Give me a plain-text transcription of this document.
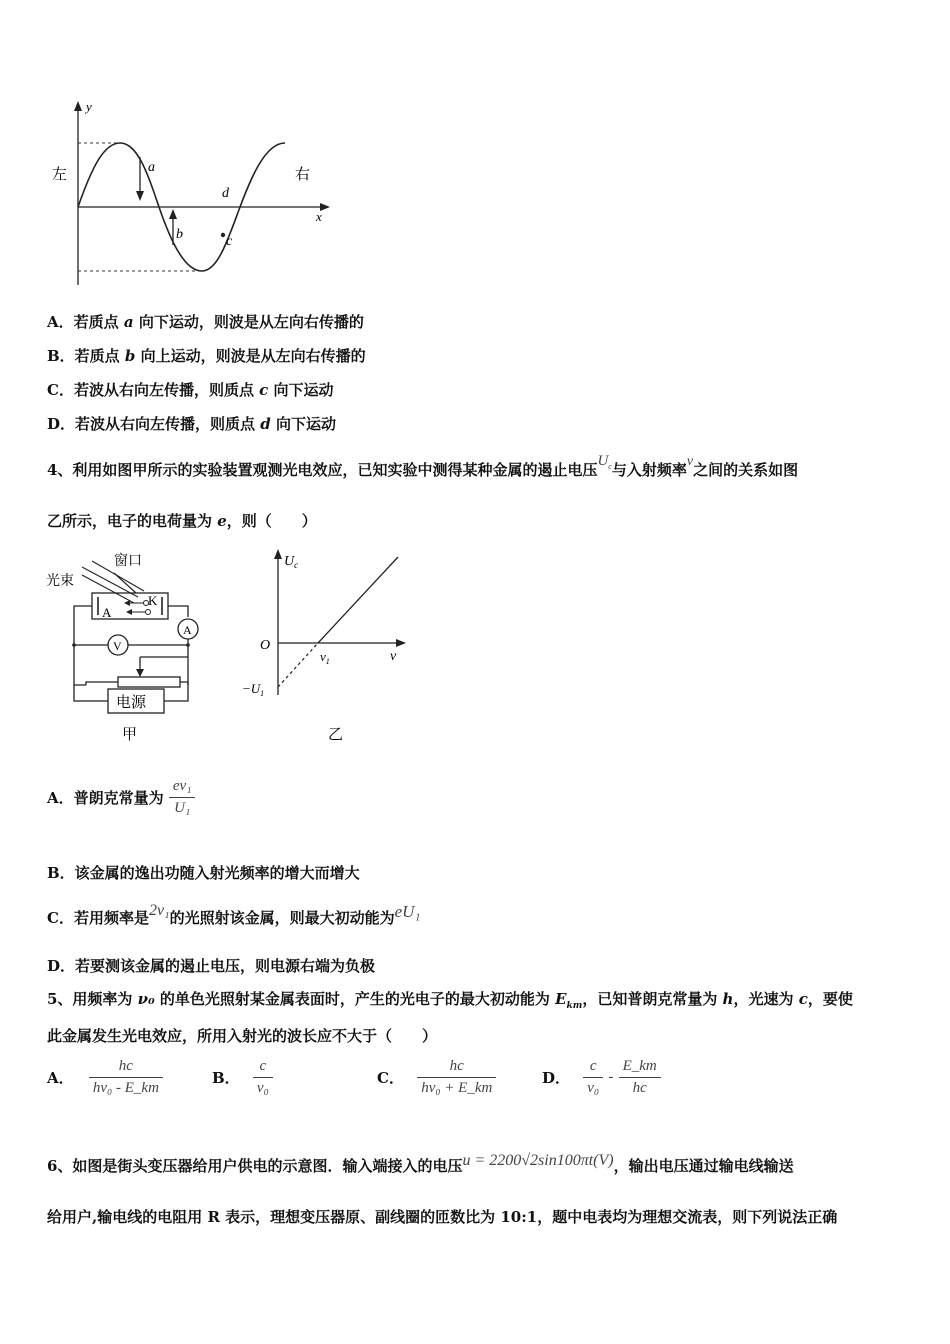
y
x
左	右
a
b	c
d
A．若质点 a 向下运动，则波是从左向右传播的
B．若质点 b 向上运动，则波是从左向右传播的
C．若波从右向左传播，则质点 c 向下运动
D．若波从右向左传播，则质点 d 向下运动
4、利用如图甲所示的实验装置观测光电效应，已知实验中测得某种金属的遏止电压$U_c$与入射频率ν之间的关系如图
乙所示，电子的电荷量为 e，则（　　）
窗口
光束
A
K
A
V
电源
甲
$U_c$
ν
O
$\nu_1$
$-U_1$
乙
A．普朗克常量为 $\frac{\text{eν₁}}{\text{U₁}}$
B．该金属的逸出功随入射光频率的增大而增大
C．若用频率是2ν₁的光照射该金属，则最大初动能为eU₁
D．若要测该金属的遏止电压，则电源右端为负极
5、用频率为 ν₀ 的单色光照射某金属表面时，产生的光电子的最大初动能为 $E_{km}$，已知普朗克常量为 h，光速为 c，要使
此金属发生光电效应，所用入射光的波长应不大于（　　）
A． $\frac{hc}{\text{hν₀ - E\_km}}$	B． $\frac{c}{\text{ν₀}}$	C． $\frac{hc}{\text{hν₀ + E\_km}}$	D． $\frac{c}{\text{ν₀}} - \frac{E\_km}{hc}$
6、如图是街头变压器给用户供电的示意图．输入端接入的电压u = 2200√2sin100πt(V)，输出电压通过输电线输送
给用户,输电线的电阻用 R 表示，理想变压器原、副线圈的匝数比为 10:1，题中电表均为理想交流表，则下列说法正确
